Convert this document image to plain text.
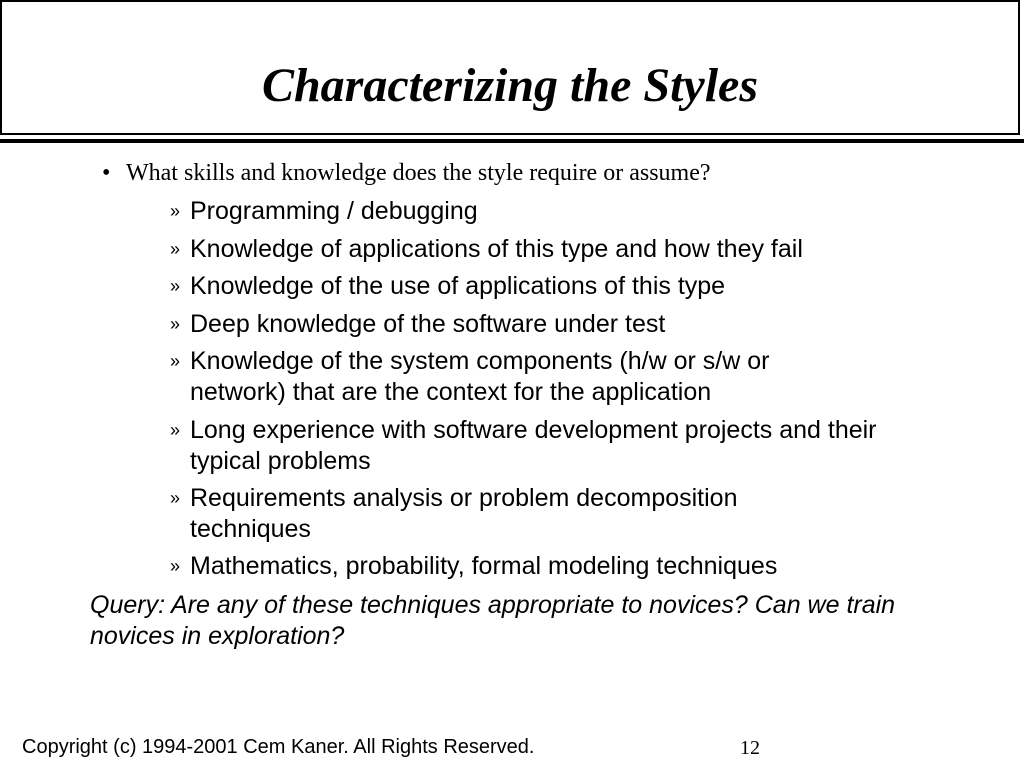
Characterizing the Styles
• What skills and knowledge does the style require or assume?
» Programming / debugging
» Knowledge of applications of this type and how they fail
» Knowledge of the use of applications of this type
» Deep knowledge of the software under test
» Knowledge of the system components (h/w or s/w or network) that are the context for the application
» Long experience with software development projects and their typical problems
» Requirements analysis or problem decomposition techniques
» Mathematics, probability, formal modeling techniques
Query: Are any of these techniques appropriate to novices? Can we train novices in exploration?
Copyright (c) 1994-2001 Cem Kaner. All Rights Reserved.	12
